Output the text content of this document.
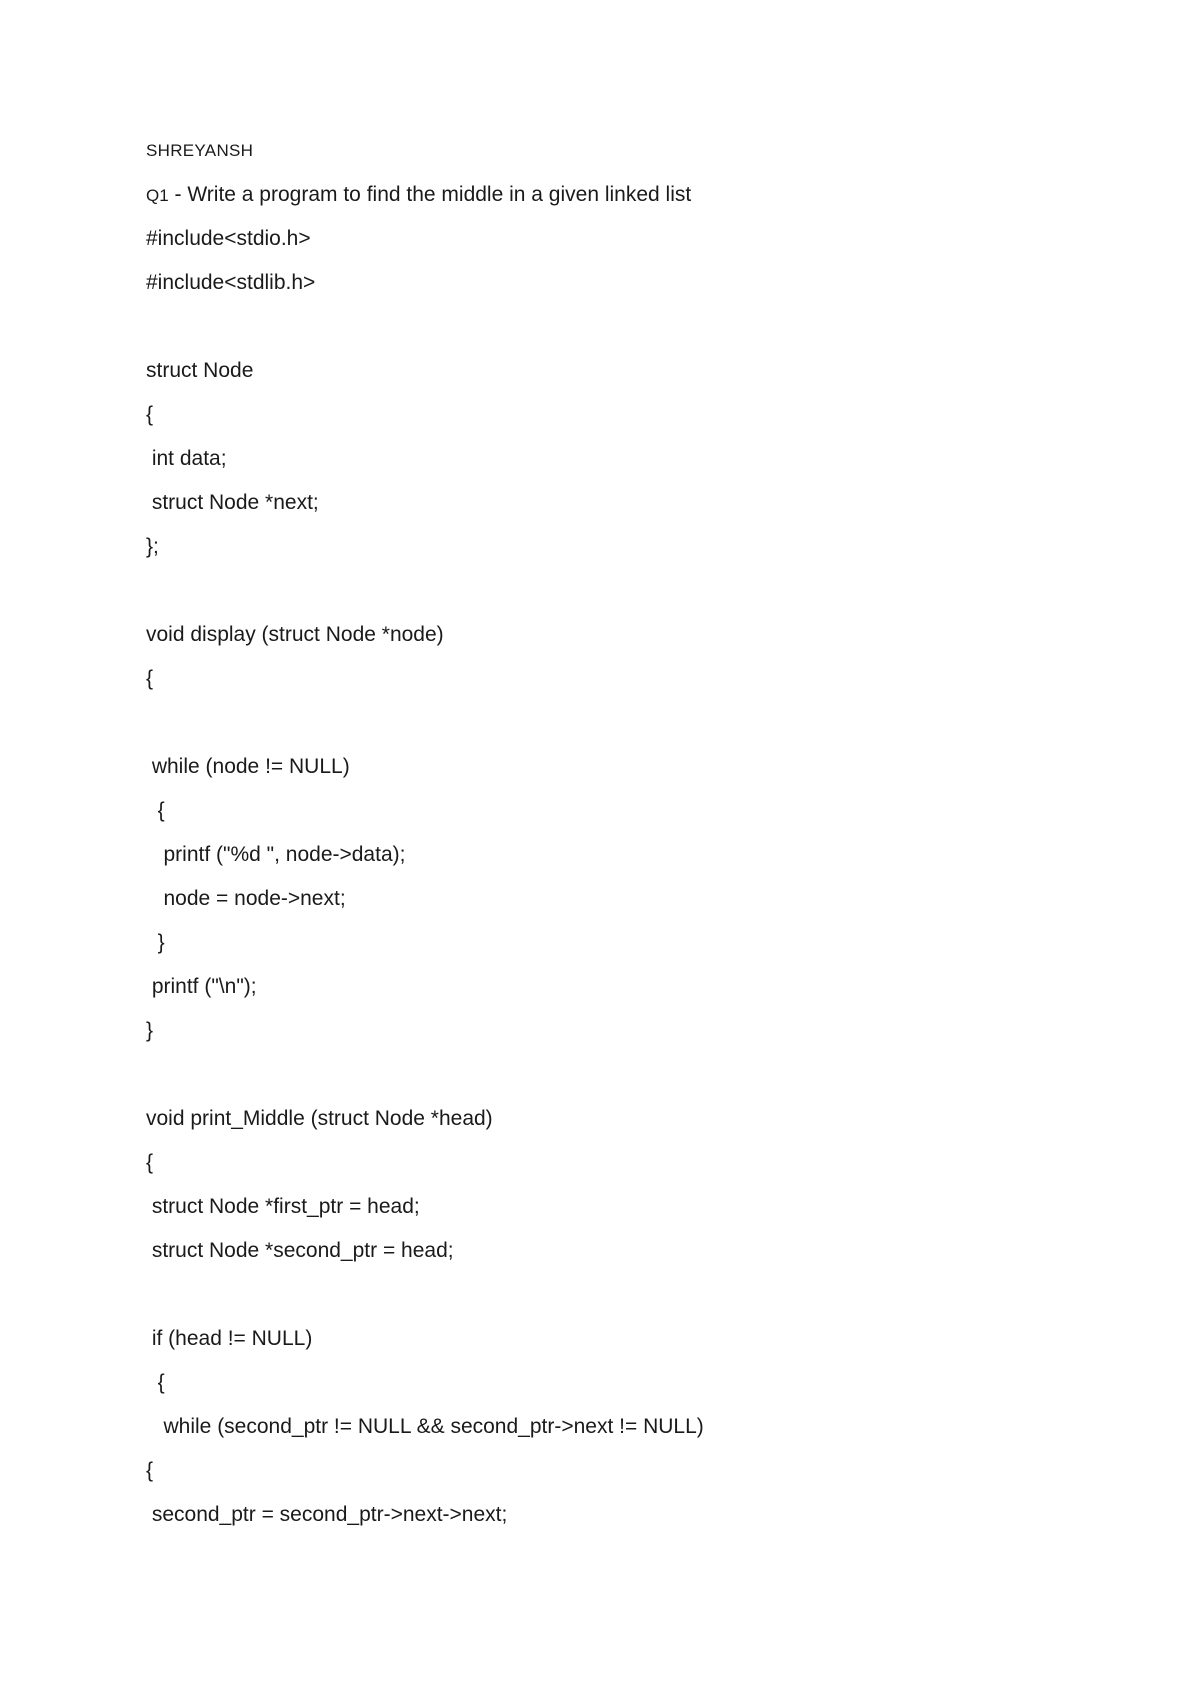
SHREYANSH
Q1 - Write a program to find the middle in a given linked list
#include<stdio.h>
#include<stdlib.h>
struct Node
{
int data;
struct Node *next;
};
void display (struct Node *node)
{
while (node != NULL)
{
printf ("%d ", node->data);
node = node->next;
}
printf ("\n");
}
void print_Middle (struct Node *head)
{
struct Node *first_ptr = head;
struct Node *second_ptr = head;
if (head != NULL)
{
while (second_ptr != NULL && second_ptr->next != NULL)
{
second_ptr = second_ptr->next->next;
